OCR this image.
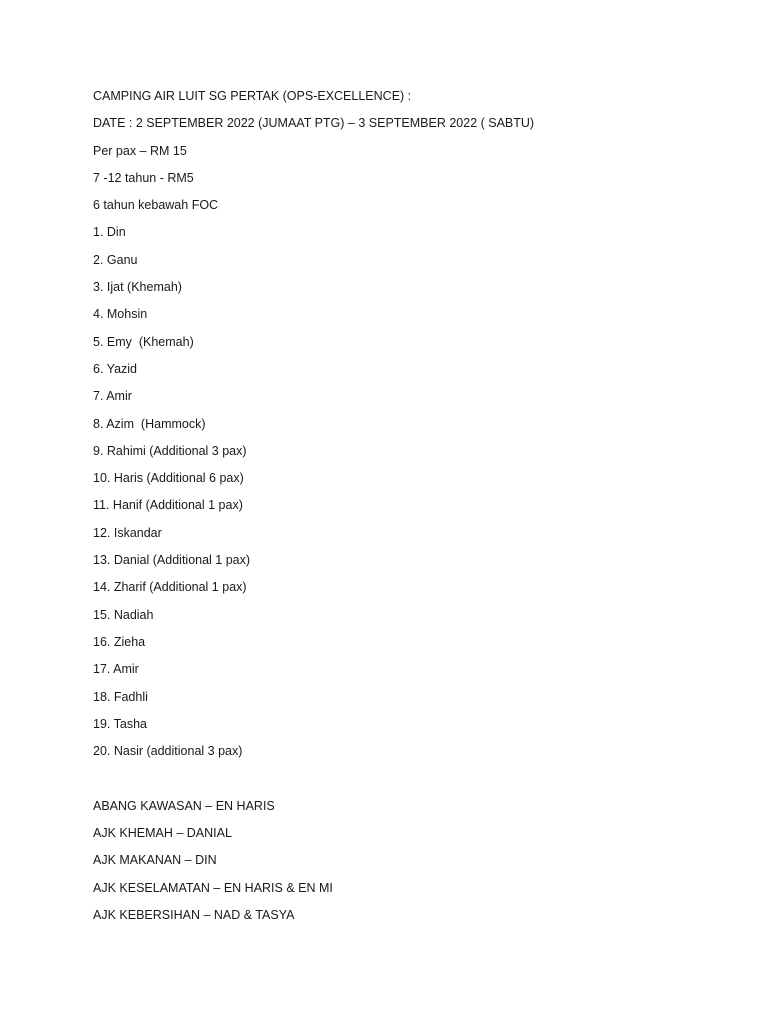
CAMPING AIR LUIT SG PERTAK (OPS-EXCELLENCE) :
DATE : 2 SEPTEMBER 2022 (JUMAAT PTG) – 3 SEPTEMBER 2022 ( SABTU)
Per pax – RM 15
7 -12 tahun - RM5
6 tahun kebawah FOC
1. Din
2. Ganu
3. Ijat (Khemah)
4. Mohsin
5. Emy  (Khemah)
6. Yazid
7. Amir
8. Azim  (Hammock)
9. Rahimi (Additional 3 pax)
10. Haris (Additional 6 pax)
11. Hanif (Additional 1 pax)
12. Iskandar
13. Danial (Additional 1 pax)
14. Zharif (Additional 1 pax)
15. Nadiah
16. Zieha
17. Amir
18. Fadhli
19. Tasha
20. Nasir (additional 3 pax)
ABANG KAWASAN – EN HARIS
AJK KHEMAH – DANIAL
AJK MAKANAN – DIN
AJK KESELAMATAN – EN HARIS & EN MI
AJK KEBERSIHAN – NAD & TASYA
